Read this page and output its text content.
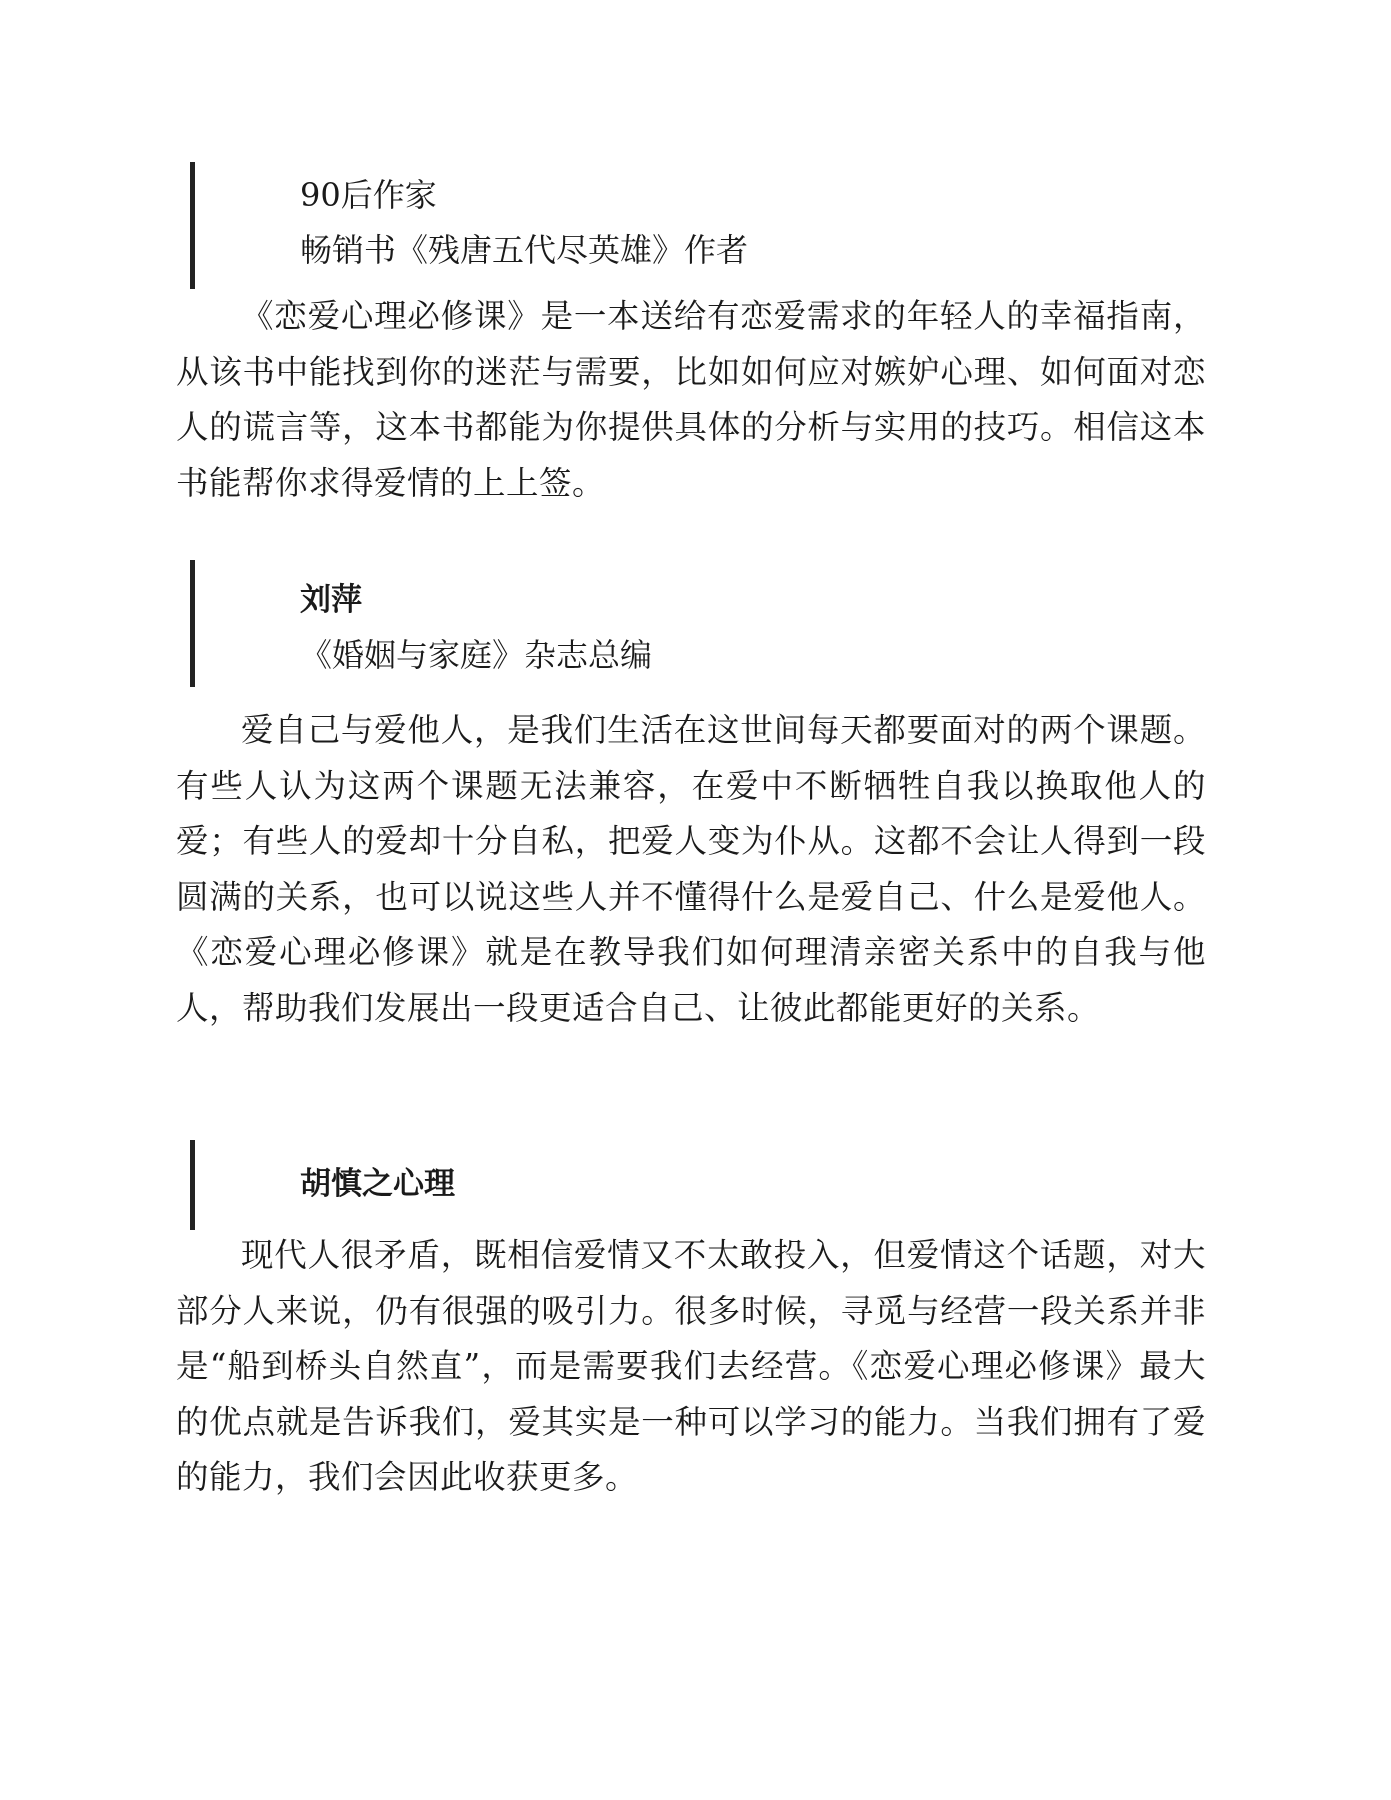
90后作家
畅销书《残唐五代尽英雄》作者

《恋爱心理必修课》是一本送给有恋爱需求的年轻人的幸福指南，从该书中能找到你的迷茫与需要，比如如何应对嫉妒心理、如何面对恋人的谎言等，这本书都能为你提供具体的分析与实用的技巧。相信这本书能帮你求得爱情的上上签。

刘萍
《婚姻与家庭》杂志总编

爱自己与爱他人，是我们生活在这世间每天都要面对的两个课题。有些人认为这两个课题无法兼容，在爱中不断牺牲自我以换取他人的爱；有些人的爱却十分自私，把爱人变为仆从。这都不会让人得到一段圆满的关系，也可以说这些人并不懂得什么是爱自己、什么是爱他人。《恋爱心理必修课》就是在教导我们如何理清亲密关系中的自我与他人，帮助我们发展出一段更适合自己、让彼此都能更好的关系。

胡慎之心理

现代人很矛盾，既相信爱情又不太敢投入，但爱情这个话题，对大部分人来说，仍有很强的吸引力。很多时候，寻觅与经营一段关系并非是“船到桥头自然直”，而是需要我们去经营。《恋爱心理必修课》最大的优点就是告诉我们，爱其实是一种可以学习的能力。当我们拥有了爱的能力，我们会因此收获更多。
